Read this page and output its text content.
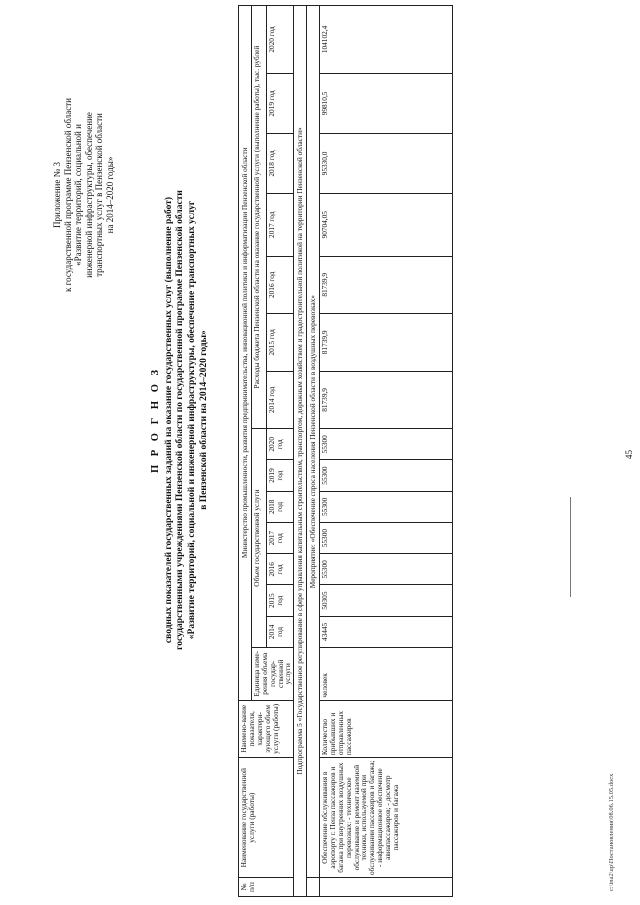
45
Приложение № 3 к государственной программе Пензенской области «Развитие территорий, социальной и инженерной инфраструктуры, обеспечение транспортных услуг в Пензенской области на 2014–2020 годы»
П Р О Г Н О З сводных показателей государственных заданий на оказание государственных услуг (выполнение работ) государственными учреждениями Пензенской области по государственной программе Пензенской области «Развитие территорий, социальной и инженерной инфраструктуры, обеспечение транспортных услуг в Пензенской области на 2014–2020 годы»
№ п/п	Наименование государственной услуги (работы)	Наимено-вание показателя, характери-зующего объем услуги (работы)	Министерство промышленности, развития предпринимательства, инновационной политики и информатизации Пензенской области														
			Единица изме-рения объема государ-ственной услуги	Объем государственной услуги							Расходы бюджета Пензенской области на оказание государственной услуги (выполнение работы), тыс. рублей						
				2014 год	2015 год	2016 год	2017 год	2018 год	2019 год	2020 год	2014 год	2015 год	2016 год	2017 год	2018 год	2019 год	2020 год
Подпрограмма 5 «Государственное регулирование в сфере управления капитальным строительством, транспортом, дорожным хозяйством и градостроительной политикой на территории Пензенской области»																	
	Мероприятие: «Обеспечение спроса населения Пензенской области в воздушных перевозках»																
	Обеспечение обслуживания в аэропорту г. Пенза пассажиров и багажа при внутренних воздушных перевозках: - техническое обслуживание и ремонт наземной техники, используемой при обслуживании пассажиров и багажа; - информационное обеспечение авиапассажиров; - досмотр пассажиров и багажа	Количество прибывших и отправленных пассажиров	человек	43445	50305	55300	55300	55300	55300	55300	81739,9	81739,9	81739,9	90704,05	95330,0	99810,5	104102,4
c:\ina2\up\Постановления\08.06.15.05.docx
